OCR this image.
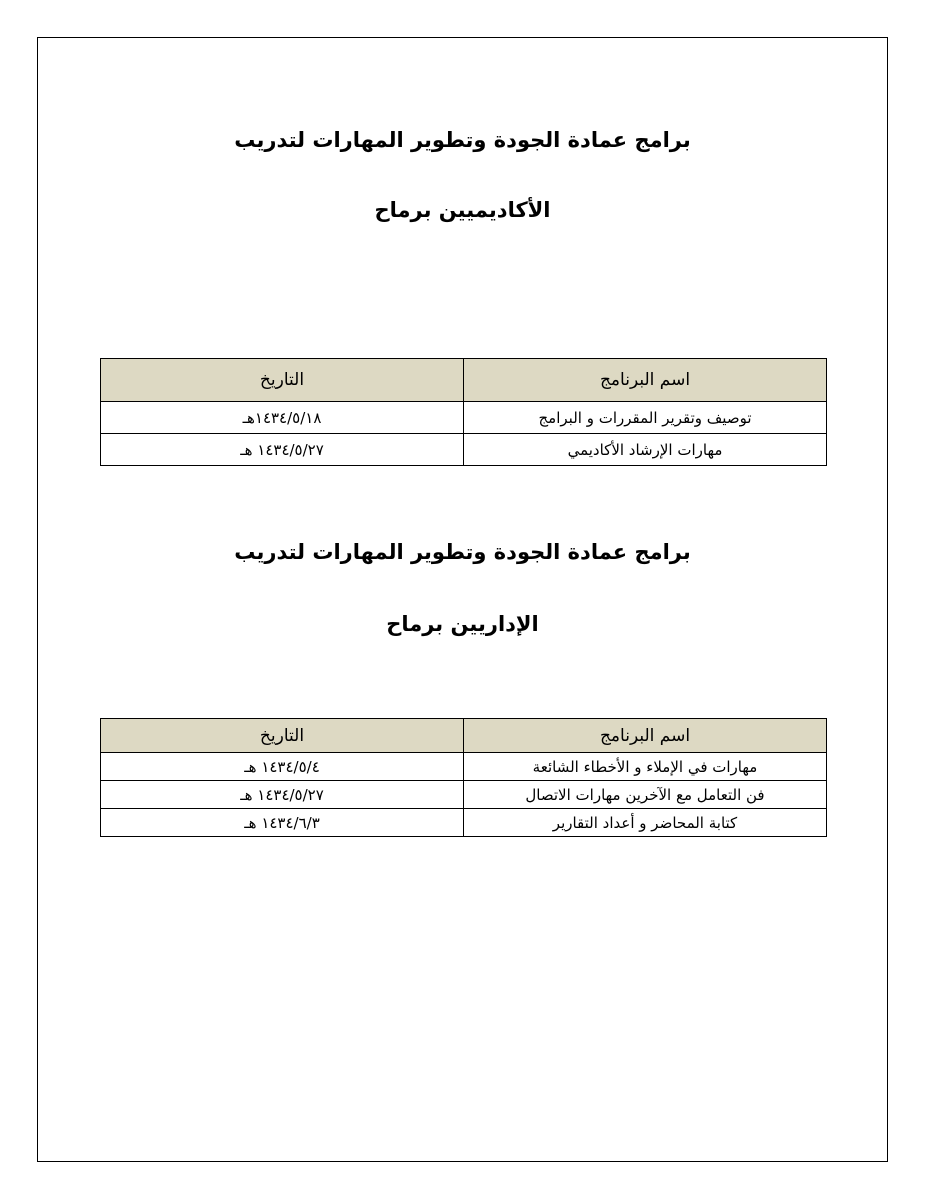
برامج عمادة الجودة وتطوير المهارات لتدريب
الأكاديميين برماح
اسم البرنامج	التاريخ
توصيف وتقرير المقررات و البرامج	١٤٣٤/٥/١٨هـ
مهارات الإرشاد الأكاديمي	١٤٣٤/٥/٢٧ هـ
برامج عمادة الجودة وتطوير المهارات لتدريب
الإداريين برماح
اسم البرنامج	التاريخ
مهارات في الإملاء و الأخطاء الشائعة	١٤٣٤/٥/٤ هـ
فن التعامل مع الآخرين مهارات الاتصال	١٤٣٤/٥/٢٧ هـ
كتابة المحاضر و أعداد التقارير	١٤٣٤/٦/٣ هـ
